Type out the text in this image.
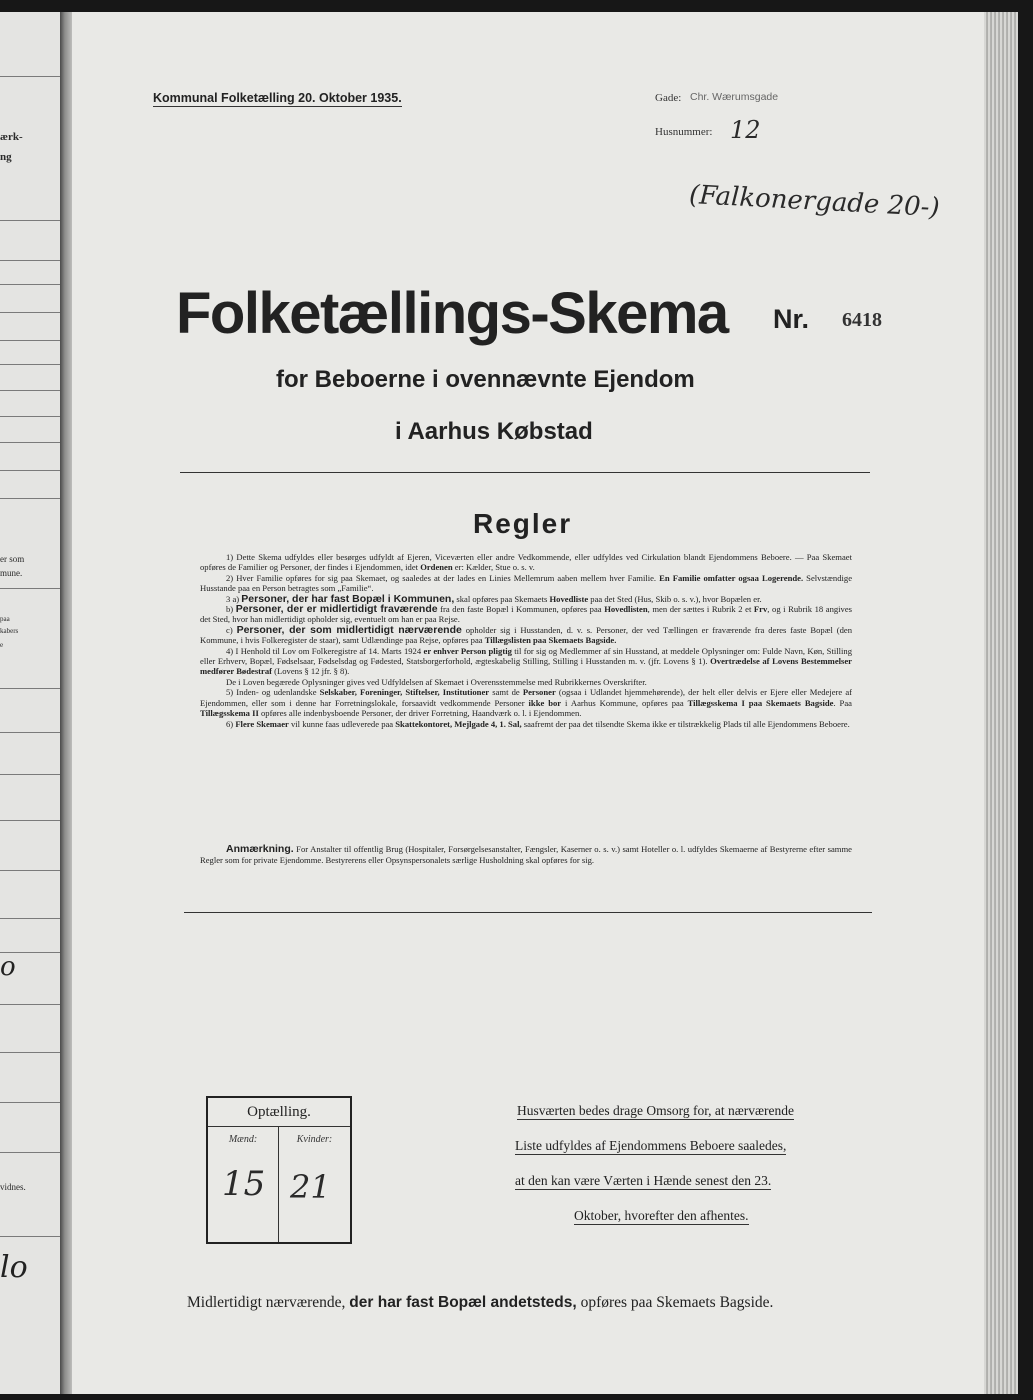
ærk-
ng
er som
mune.
paa
kabers
e
o
vidnes.
lo
Kommunal Folketælling 20. Oktober 1935.	Gade: Chr. Wærumsgade
Husnummer: 12
(Falkonergade 20-)
Folketællings-Skema Nr. 6418
for Beboerne i ovennævnte Ejendom
i Aarhus Købstad
Regler

1) Dette Skema udfyldes eller besørges udfyldt af Ejeren, Viceværten eller andre Vedkommende, eller udfyldes ved Cirkulation blandt Ejendommens Beboere. — Paa Skemaet opføres de Familier og Personer, der findes i Ejendommen, idet Ordenen er: Kælder, Stue o. s. v.

2) Hver Familie opføres for sig paa Skemaet, og saaledes at der lades en Linies Mellemrum aaben mellem hver Familie. En Familie omfatter ogsaa Logerende. Selvstændige Husstande paa en Person betragtes som „Familie“.

3 a) Personer, der har fast Bopæl i Kommunen, skal opføres paa Skemaets Hovedliste paa det Sted (Hus, Skib o. s. v.), hvor Bopælen er.

b) Personer, der er midlertidigt fraværende fra den faste Bopæl i Kommunen, opføres paa Hovedlisten, men der sættes i Rubrik 2 et Frv, og i Rubrik 18 angives det Sted, hvor han midlertidigt opholder sig, eventuelt om han er paa Rejse.

c) Personer, der som midlertidigt nærværende opholder sig i Husstanden, d. v. s. Personer, der ved Tællingen er fraværende fra deres faste Bopæl (den Kommune, i hvis Folkeregister de staar), samt Udlændinge paa Rejse, opføres paa Tillægslisten paa Skemaets Bagside.

4) I Henhold til Lov om Folkeregistre af 14. Marts 1924 er enhver Person pligtig til for sig og Medlemmer af sin Husstand, at meddele Oplysninger om: Fulde Navn, Køn, Stilling eller Erhverv, Bopæl, Fødselsaar, Fødselsdag og Fødested, Statsborgerforhold, ægteskabelig Stilling, Stilling i Husstanden m. v. (jfr. Lovens § 1). Overtrædelse af Lovens Bestemmelser medfører Bødestraf (Lovens § 12 jfr. § 8).

De i Loven begærede Oplysninger gives ved Udfyldelsen af Skemaet i Overensstemmelse med Rubrikkernes Overskrifter.

5) Inden- og udenlandske Selskaber, Foreninger, Stiftelser, Institutioner samt de Personer (ogsaa i Udlandet hjemmehørende), der helt eller delvis er Ejere eller Medejere af Ejendommen, eller som i denne har Forretningslokale, forsaavidt vedkommende Personer ikke bor i Aarhus Kommune, opføres paa Tillægsskema I paa Skemaets Bagside. Paa Tillægsskema II opføres alle indenbysboende Personer, der driver Forretning, Haandværk o. l. i Ejendommen.

6) Flere Skemaer vil kunne faas udleverede paa Skattekontoret, Mejlgade 4, 1. Sal, saafremt der paa det tilsendte Skema ikke er tilstrækkelig Plads til alle Ejendommens Beboere.

Anmærkning. For Anstalter til offentlig Brug (Hospitaler, Forsørgelsesanstalter, Fængsler, Kaserner o. s. v.) samt Hoteller o. l. udfyldes Skemaerne af Bestyrerne efter samme Regler som for private Ejendomme. Bestyrerens eller Opsynspersonalets særlige Husholdning skal opføres for sig.
Optælling.
Mænd:	Kvinder:
15 21
Husværten bedes drage Omsorg for, at nærværende
Liste udfyldes af Ejendommens Beboere saaledes,
at den kan være Værten i Hænde senest den 23.
Oktober, hvorefter den afhentes.
Midlertidigt nærværende, der har fast Bopæl andetsteds, opføres paa Skemaets Bagside.
